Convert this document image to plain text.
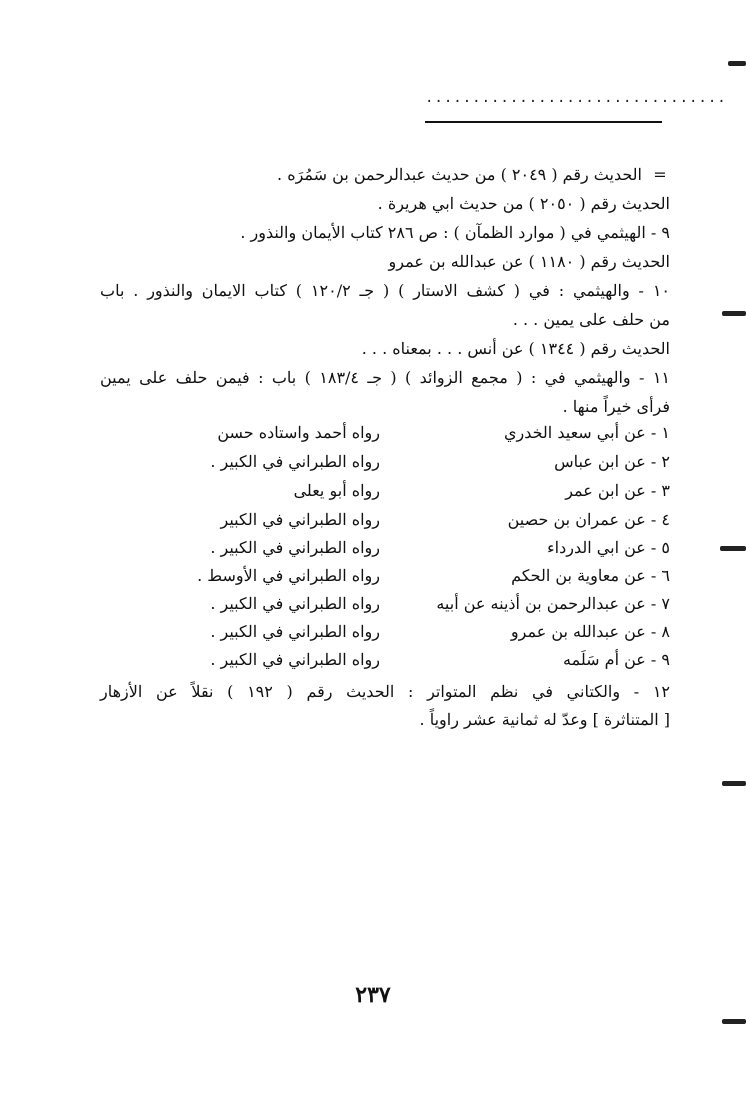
................................
=
الحديث رقم ( ٢٠٤٩ ) من حديث عبدالرحمن بن سَمُرَه .
الحديث رقم ( ٢٠٥٠ ) من حديث ابي هريرة .
٩ - الهيثمي في ( موارد الظمآن ) : ص ٢٨٦ كتاب الأيمان والنذور .
الحديث رقم ( ١١٨٠ ) عن عبدالله بن عمرو
١٠ - والهيثمي : في ( كشف الاستار ) ( جـ ١٢٠/٢ ) كتاب الايمان والنذور . باب
من حلف على يمين . . .
الحديث رقم ( ١٣٤٤ ) عن أنس . . . بمعناه . . .
١١ - والهيثمي في : ( مجمع الزوائد ) ( جـ ١٨٣/٤ ) باب : فيمن حلف على يمين
فرأى خيراً منها .
١ - عن أبي سعيد الخدري
رواه أحمد واستاده حسن
٢ - عن ابن عباس
رواه الطبراني في الكبير .
٣ - عن ابن عمر
رواه أبو يعلى
٤ - عن عمران بن حصين
رواه الطبراني في الكبير
٥ - عن ابي الدرداء
رواه الطبراني في الكبير .
٦ - عن معاوية بن الحكم
رواه الطبراني في الأوسط .
٧ - عن عبدالرحمن بن أذينه عن أبيه
رواه الطبراني في الكبير .
٨ - عن عبدالله بن عمرو
رواه الطبراني في الكبير .
٩ - عن أم سَلَمه
رواه الطبراني في الكبير .
١٢ - والكتاني في نظم المتواتر : الحديث رقم ( ١٩٢ ) نقلاً عن الأزهار
[ المتناثرة ] وعدّ له ثمانية عشر راوياً .
٢٣٧
